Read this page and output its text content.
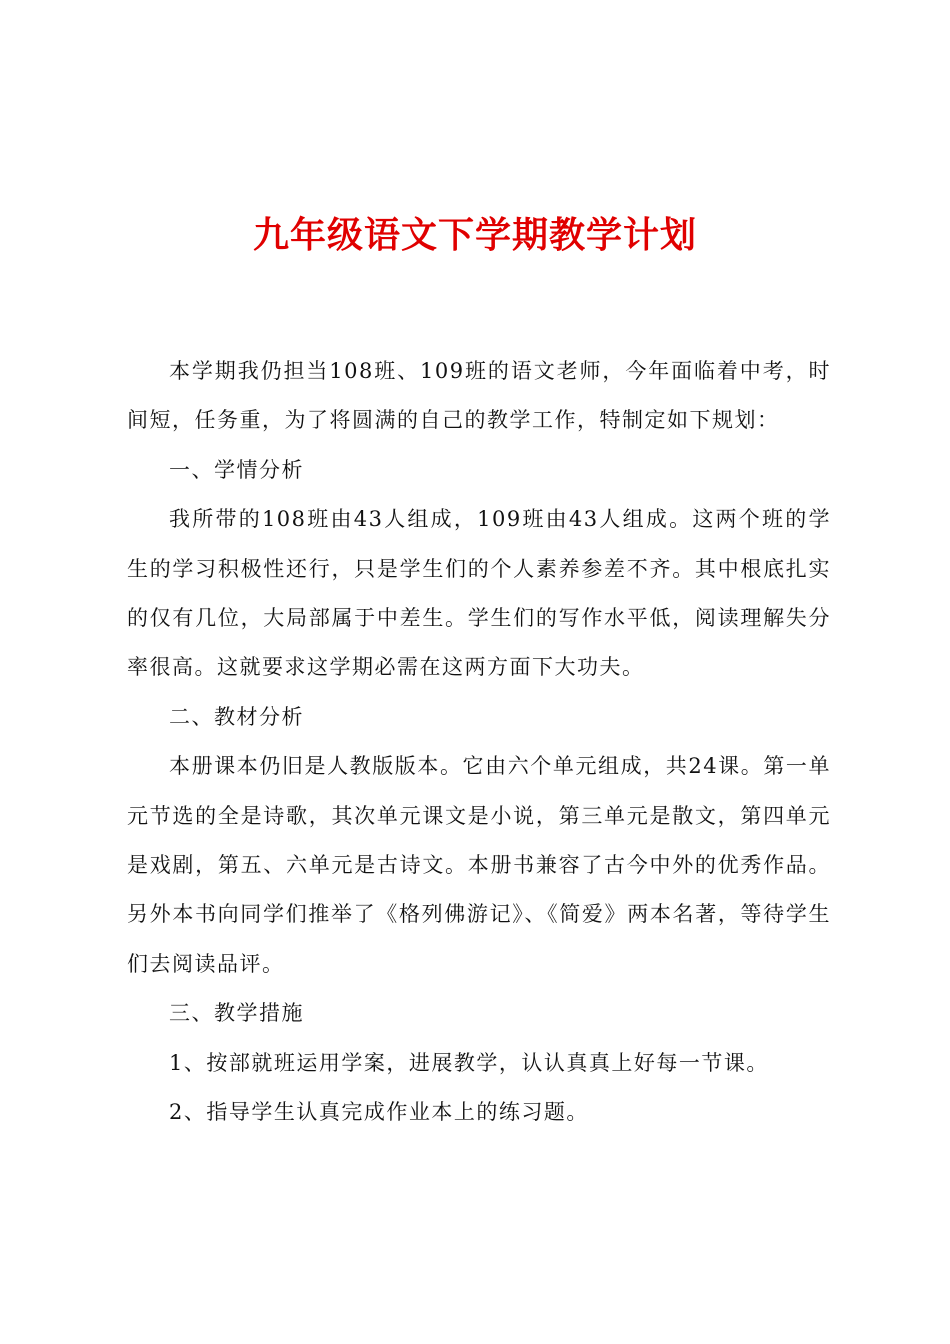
九年级语文下学期教学计划

本学期我仍担当108班、109班的语文老师，今年面临着中考，时间短，任务重，为了将圆满的自己的教学工作，特制定如下规划：

一、学情分析

我所带的108班由43人组成，109班由43人组成。这两个班的学生的学习积极性还行，只是学生们的个人素养参差不齐。其中根底扎实的仅有几位，大局部属于中差生。学生们的写作水平低，阅读理解失分率很高。这就要求这学期必需在这两方面下大功夫。

二、教材分析

本册课本仍旧是人教版版本。它由六个单元组成，共24课。第一单元节选的全是诗歌，其次单元课文是小说，第三单元是散文，第四单元是戏剧，第五、六单元是古诗文。本册书兼容了古今中外的优秀作品。另外本书向同学们推举了《格列佛游记》、《简爱》两本名著，等待学生们去阅读品评。

三、教学措施

1、按部就班运用学案，进展教学，认认真真上好每一节课。

2、指导学生认真完成作业本上的练习题。
